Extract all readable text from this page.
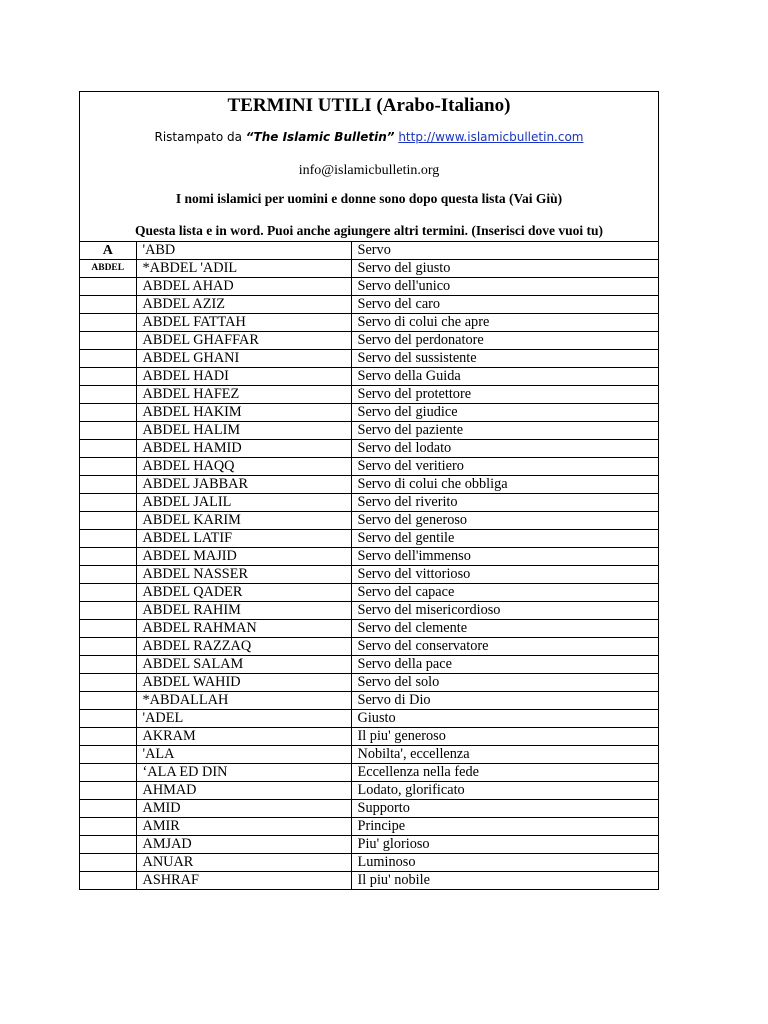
TERMINI UTILI (Arabo-Italiano)
Ristampato da “The Islamic Bulletin” http://www.islamicbulletin.com
info@islamicbulletin.org
I nomi islamici per uomini e donne sono dopo questa lista (Vai Giù)
Questa lista e in word. Puoi anche agiungere altri termini. (Inserisci dove vuoi tu)
A	'ABD	Servo
ABDEL	*ABDEL 'ADIL	Servo del giusto
	ABDEL AHAD	Servo dell'unico
	ABDEL AZIZ	Servo del caro
	ABDEL FATTAH	Servo di colui che apre
	ABDEL GHAFFAR	Servo del perdonatore
	ABDEL GHANI	Servo del sussistente
	ABDEL HADI	Servo della Guida
	ABDEL HAFEZ	Servo del protettore
	ABDEL HAKIM	Servo del giudice
	ABDEL HALIM	Servo del paziente
	ABDEL HAMID	Servo del lodato
	ABDEL HAQQ	Servo del veritiero
	ABDEL JABBAR	Servo di colui che obbliga
	ABDEL JALIL	Servo del riverito
	ABDEL KARIM	Servo del generoso
	ABDEL LATIF	Servo del gentile
	ABDEL MAJID	Servo dell'immenso
	ABDEL NASSER	Servo del vittorioso
	ABDEL QADER	Servo del capace
	ABDEL RAHIM	Servo del misericordioso
	ABDEL RAHMAN	Servo del clemente
	ABDEL RAZZAQ	Servo del conservatore
	ABDEL SALAM	Servo della pace
	ABDEL WAHID	Servo del solo
	*ABDALLAH	Servo di Dio
	'ADEL	Giusto
	AKRAM	Il piu' generoso
	'ALA	Nobilta', eccellenza
	‘ALA ED DIN	Eccellenza nella fede
	AHMAD	Lodato, glorificato
	AMID	Supporto
	AMIR	Principe
	AMJAD	Piu' glorioso
	ANUAR	Luminoso
	ASHRAF	Il piu' nobile
